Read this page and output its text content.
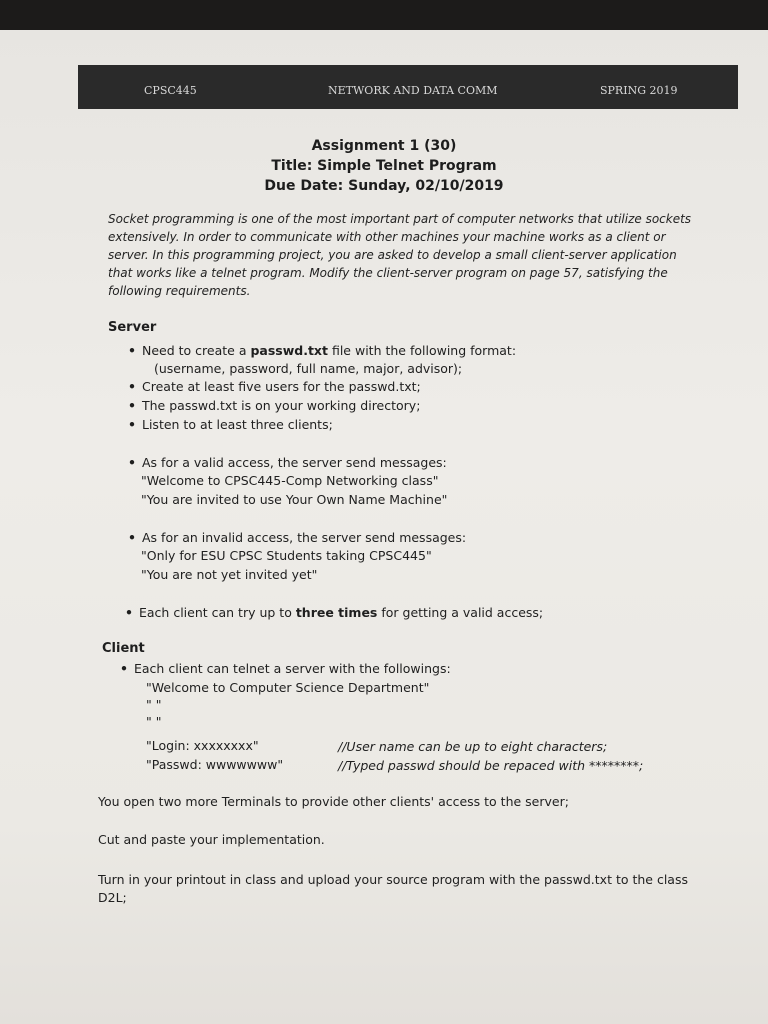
CPSC445	NETWORK AND DATA COMM	SPRING 2019
Assignment 1 (30)
Title: Simple Telnet Program
Due Date: Sunday, 02/10/2019
Socket programming is one of the most important part of computer networks that utilize sockets extensively. In order to communicate with other machines your machine works as a client or server. In this programming project, you are asked to develop a small client-server application that works like a telnet program. Modify the client-server program on page 57, satisfying the following requirements.
Server
• Need to create a passwd.txt file with the following format:
(username, password, full name, major, advisor);
• Create at least five users for the passwd.txt;
• The passwd.txt is on your working directory;
• Listen to at least three clients;
• As for a valid access, the server send messages:
"Welcome to CPSC445-Comp Networking class"
"You are invited to use Your Own Name Machine"
• As for an invalid access, the server send messages:
"Only for ESU CPSC Students taking CPSC445"
"You are not yet invited yet"
• Each client can try up to three times for getting a valid access;
Client
• Each client can telnet a server with the followings:
"Welcome to Computer Science Department"
" "
" "
"Login: xxxxxxxx"	//User name can be up to eight characters;
"Passwd: wwwwwww"	//Typed passwd should be repaced with ********;
You open two more Terminals to provide other clients' access to the server;
Cut and paste your implementation.
Turn in your printout in class and upload your source program with the passwd.txt to the class D2L;
